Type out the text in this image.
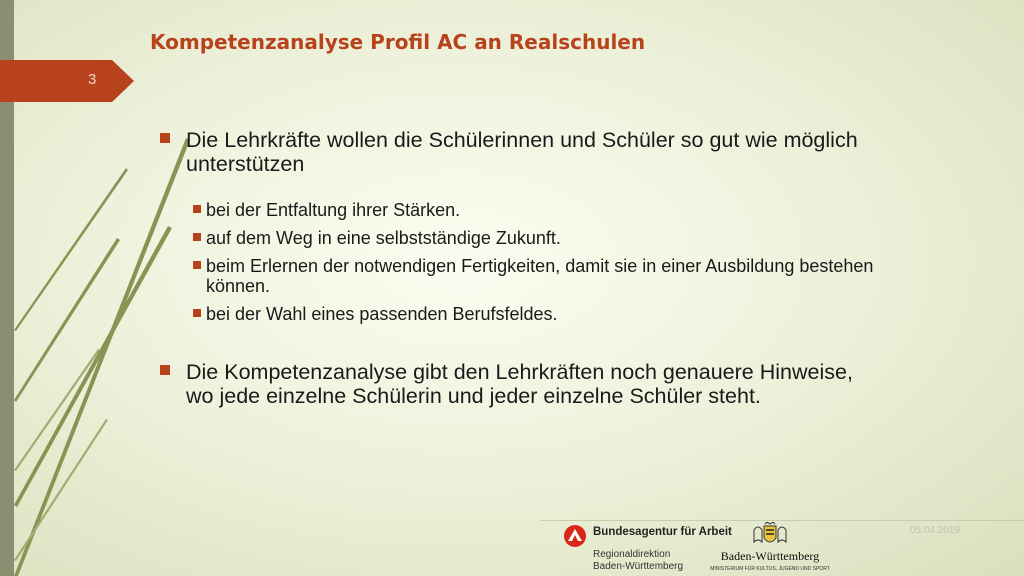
Kompetenzanalyse Profil AC an Realschulen
3
Die Lehrkräfte wollen die Schülerinnen und Schüler so gut wie möglich unterstützen
bei der Entfaltung ihrer Stärken.
auf dem Weg in eine selbstständige Zukunft.
beim Erlernen der notwendigen Fertigkeiten, damit sie in einer Ausbildung bestehen können.
bei der Wahl eines passenden Berufsfeldes.
Die Kompetenzanalyse gibt den Lehrkräften noch genauere Hinweise, wo jede einzelne Schülerin und jeder einzelne Schüler steht.
05.04.2019
Bundesagentur für Arbeit
Regionaldirektion
Baden-Württemberg
Baden-Württemberg
MINISTERIUM FÜR KULTUS, JUGEND UND SPORT
